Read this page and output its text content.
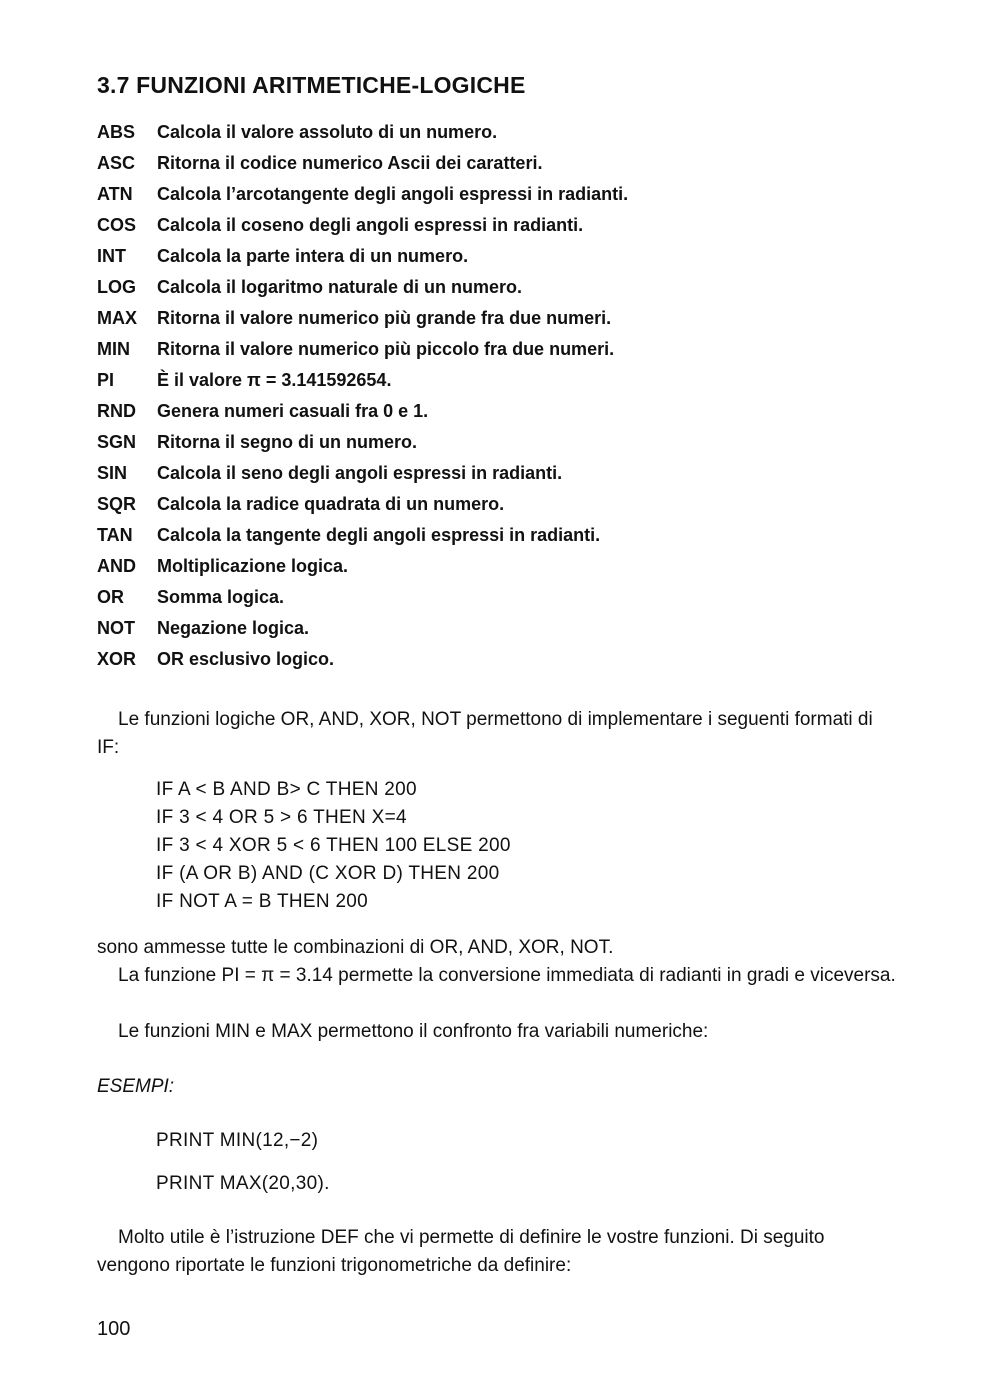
3.7 FUNZIONI ARITMETICHE-LOGICHE
ABS	Calcola il valore assoluto di un numero.
ASC	Ritorna il codice numerico Ascii dei caratteri.
ATN	Calcola l’arcotangente degli angoli espressi in radianti.
COS	Calcola il coseno degli angoli espressi in radianti.
INT	Calcola la parte intera di un numero.
LOG	Calcola il logaritmo naturale di un numero.
MAX	Ritorna il valore numerico più grande fra due numeri.
MIN	Ritorna il valore numerico più piccolo fra due numeri.
PI	È il valore π = 3.141592654.
RND	Genera numeri casuali fra 0 e 1.
SGN	Ritorna il segno di un numero.
SIN	Calcola il seno degli angoli espressi in radianti.
SQR	Calcola la radice quadrata di un numero.
TAN	Calcola la tangente degli angoli espressi in radianti.
AND	Moltiplicazione logica.
OR	Somma logica.
NOT	Negazione logica.
XOR	OR esclusivo logico.

Le funzioni logiche OR, AND, XOR, NOT permettono di implementare i seguenti formati di IF:

IF A < B AND B> C THEN 200
IF 3 < 4 OR 5 > 6 THEN X=4
IF 3 < 4 XOR 5 < 6 THEN 100 ELSE 200
IF (A OR B) AND (C XOR D) THEN 200
IF NOT A = B THEN 200

sono ammesse tutte le combinazioni di OR, AND, XOR, NOT.

La funzione PI = π = 3.14 permette la conversione immediata di radianti in gradi e viceversa.

Le funzioni MIN e MAX permettono il confronto fra variabili numeriche:

ESEMPI:
PRINT MIN(12,−2)
PRINT MAX(20,30).

Molto utile è l’istruzione DEF che vi permette di definire le vostre funzioni. Di seguito vengono riportate le funzioni trigonometriche da definire:

100
